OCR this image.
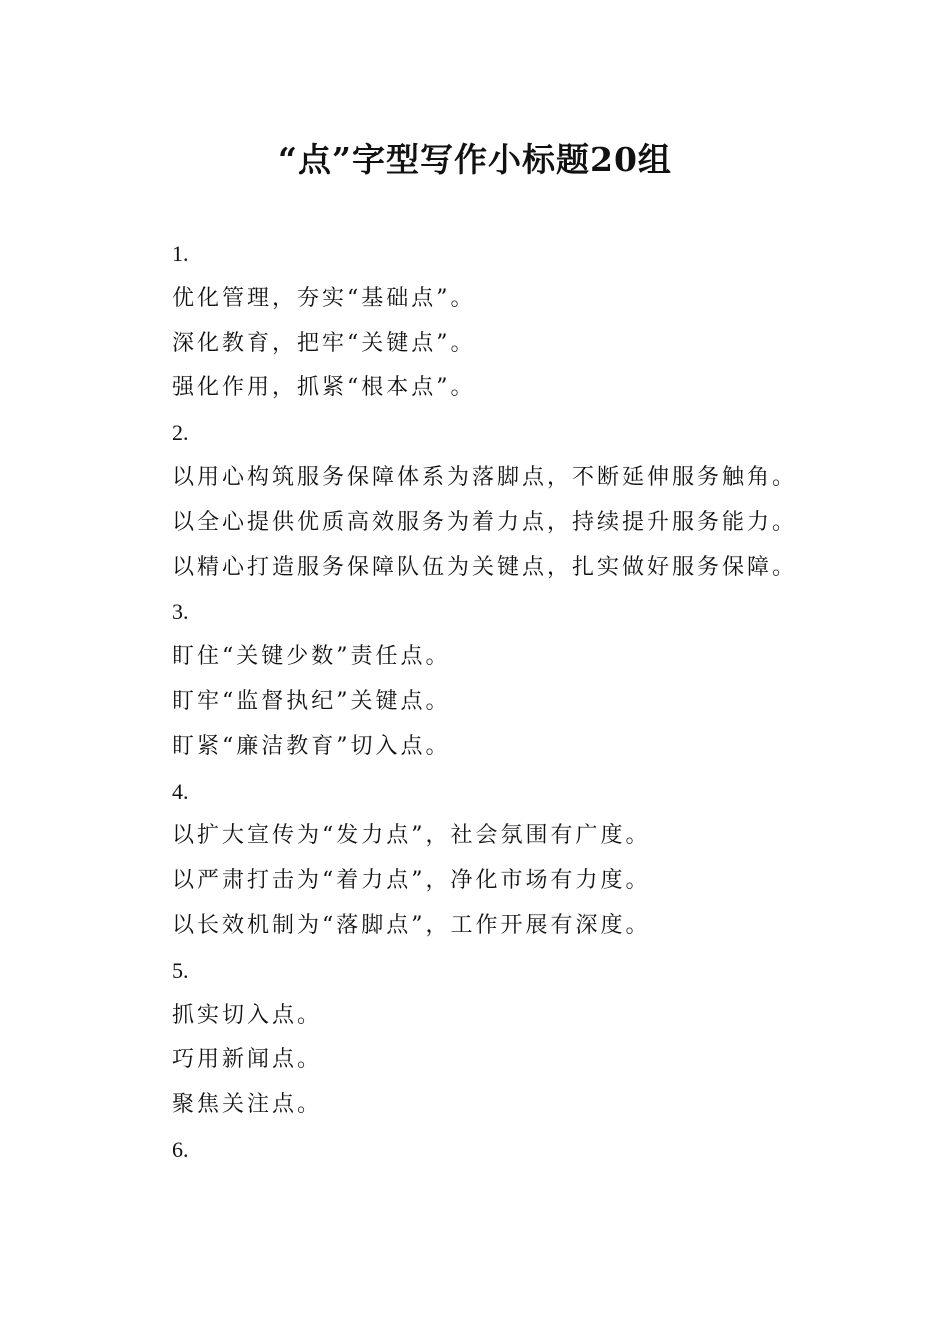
“点”字型写作小标题20组
1.
优化管理，夯实“基础点”。
深化教育，把牢“关键点”。
强化作用，抓紧“根本点”。
2.
以用心构筑服务保障体系为落脚点，不断延伸服务触角。
以全心提供优质高效服务为着力点，持续提升服务能力。
以精心打造服务保障队伍为关键点，扎实做好服务保障。
3.
盯住“关键少数”责任点。
盯牢“监督执纪”关键点。
盯紧“廉洁教育”切入点。
4.
以扩大宣传为“发力点”，社会氛围有广度。
以严肃打击为“着力点”，净化市场有力度。
以长效机制为“落脚点”，工作开展有深度。
5.
抓实切入点。
巧用新闻点。
聚焦关注点。
6.
